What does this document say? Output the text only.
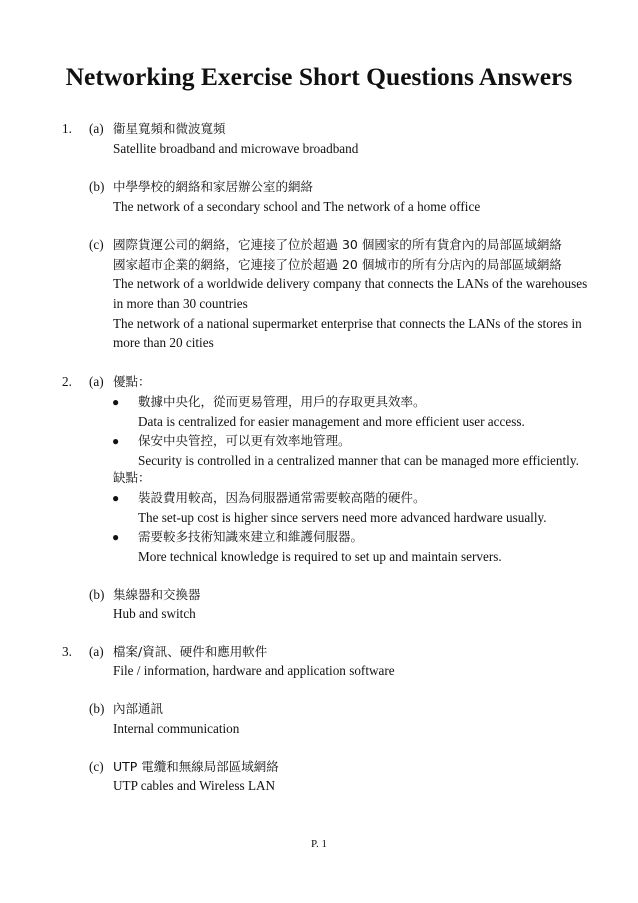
Networking Exercise Short Questions Answers
1. (a) 衞星寬頻和微波寬頻
Satellite broadband and microwave broadband
(b) 中學學校的網絡和家居辦公室的網絡
The network of a secondary school and The network of a home office
(c) 國際貨運公司的網絡，它連接了位於超過 30 個國家的所有貨倉內的局部區域網絡
國家超市企業的網絡，它連接了位於超過 20 個城市的所有分店內的局部區域網絡
The network of a worldwide delivery company that connects the LANs of the warehouses
in more than 30 countries
The network of a national supermarket enterprise that connects the LANs of the stores in
more than 20 cities
2. (a) 優點：
● 數據中央化，從而更易管理，用戶的存取更具效率。
Data is centralized for easier management and more efficient user access.
● 保安中央管控，可以更有效率地管理。
Security is controlled in a centralized manner that can be managed more efficiently.
缺點：
● 裝設費用較高，因為伺服器通常需要較高階的硬件。
The set-up cost is higher since servers need more advanced hardware usually.
● 需要較多技術知識來建立和維護伺服器。
More technical knowledge is required to set up and maintain servers.
(b) 集線器和交換器
Hub and switch
3. (a) 檔案/資訊、硬件和應用軟件
File / information, hardware and application software
(b) 內部通訊
Internal communication
(c) UTP 電纜和無線局部區域網絡
UTP cables and Wireless LAN
P. 1
